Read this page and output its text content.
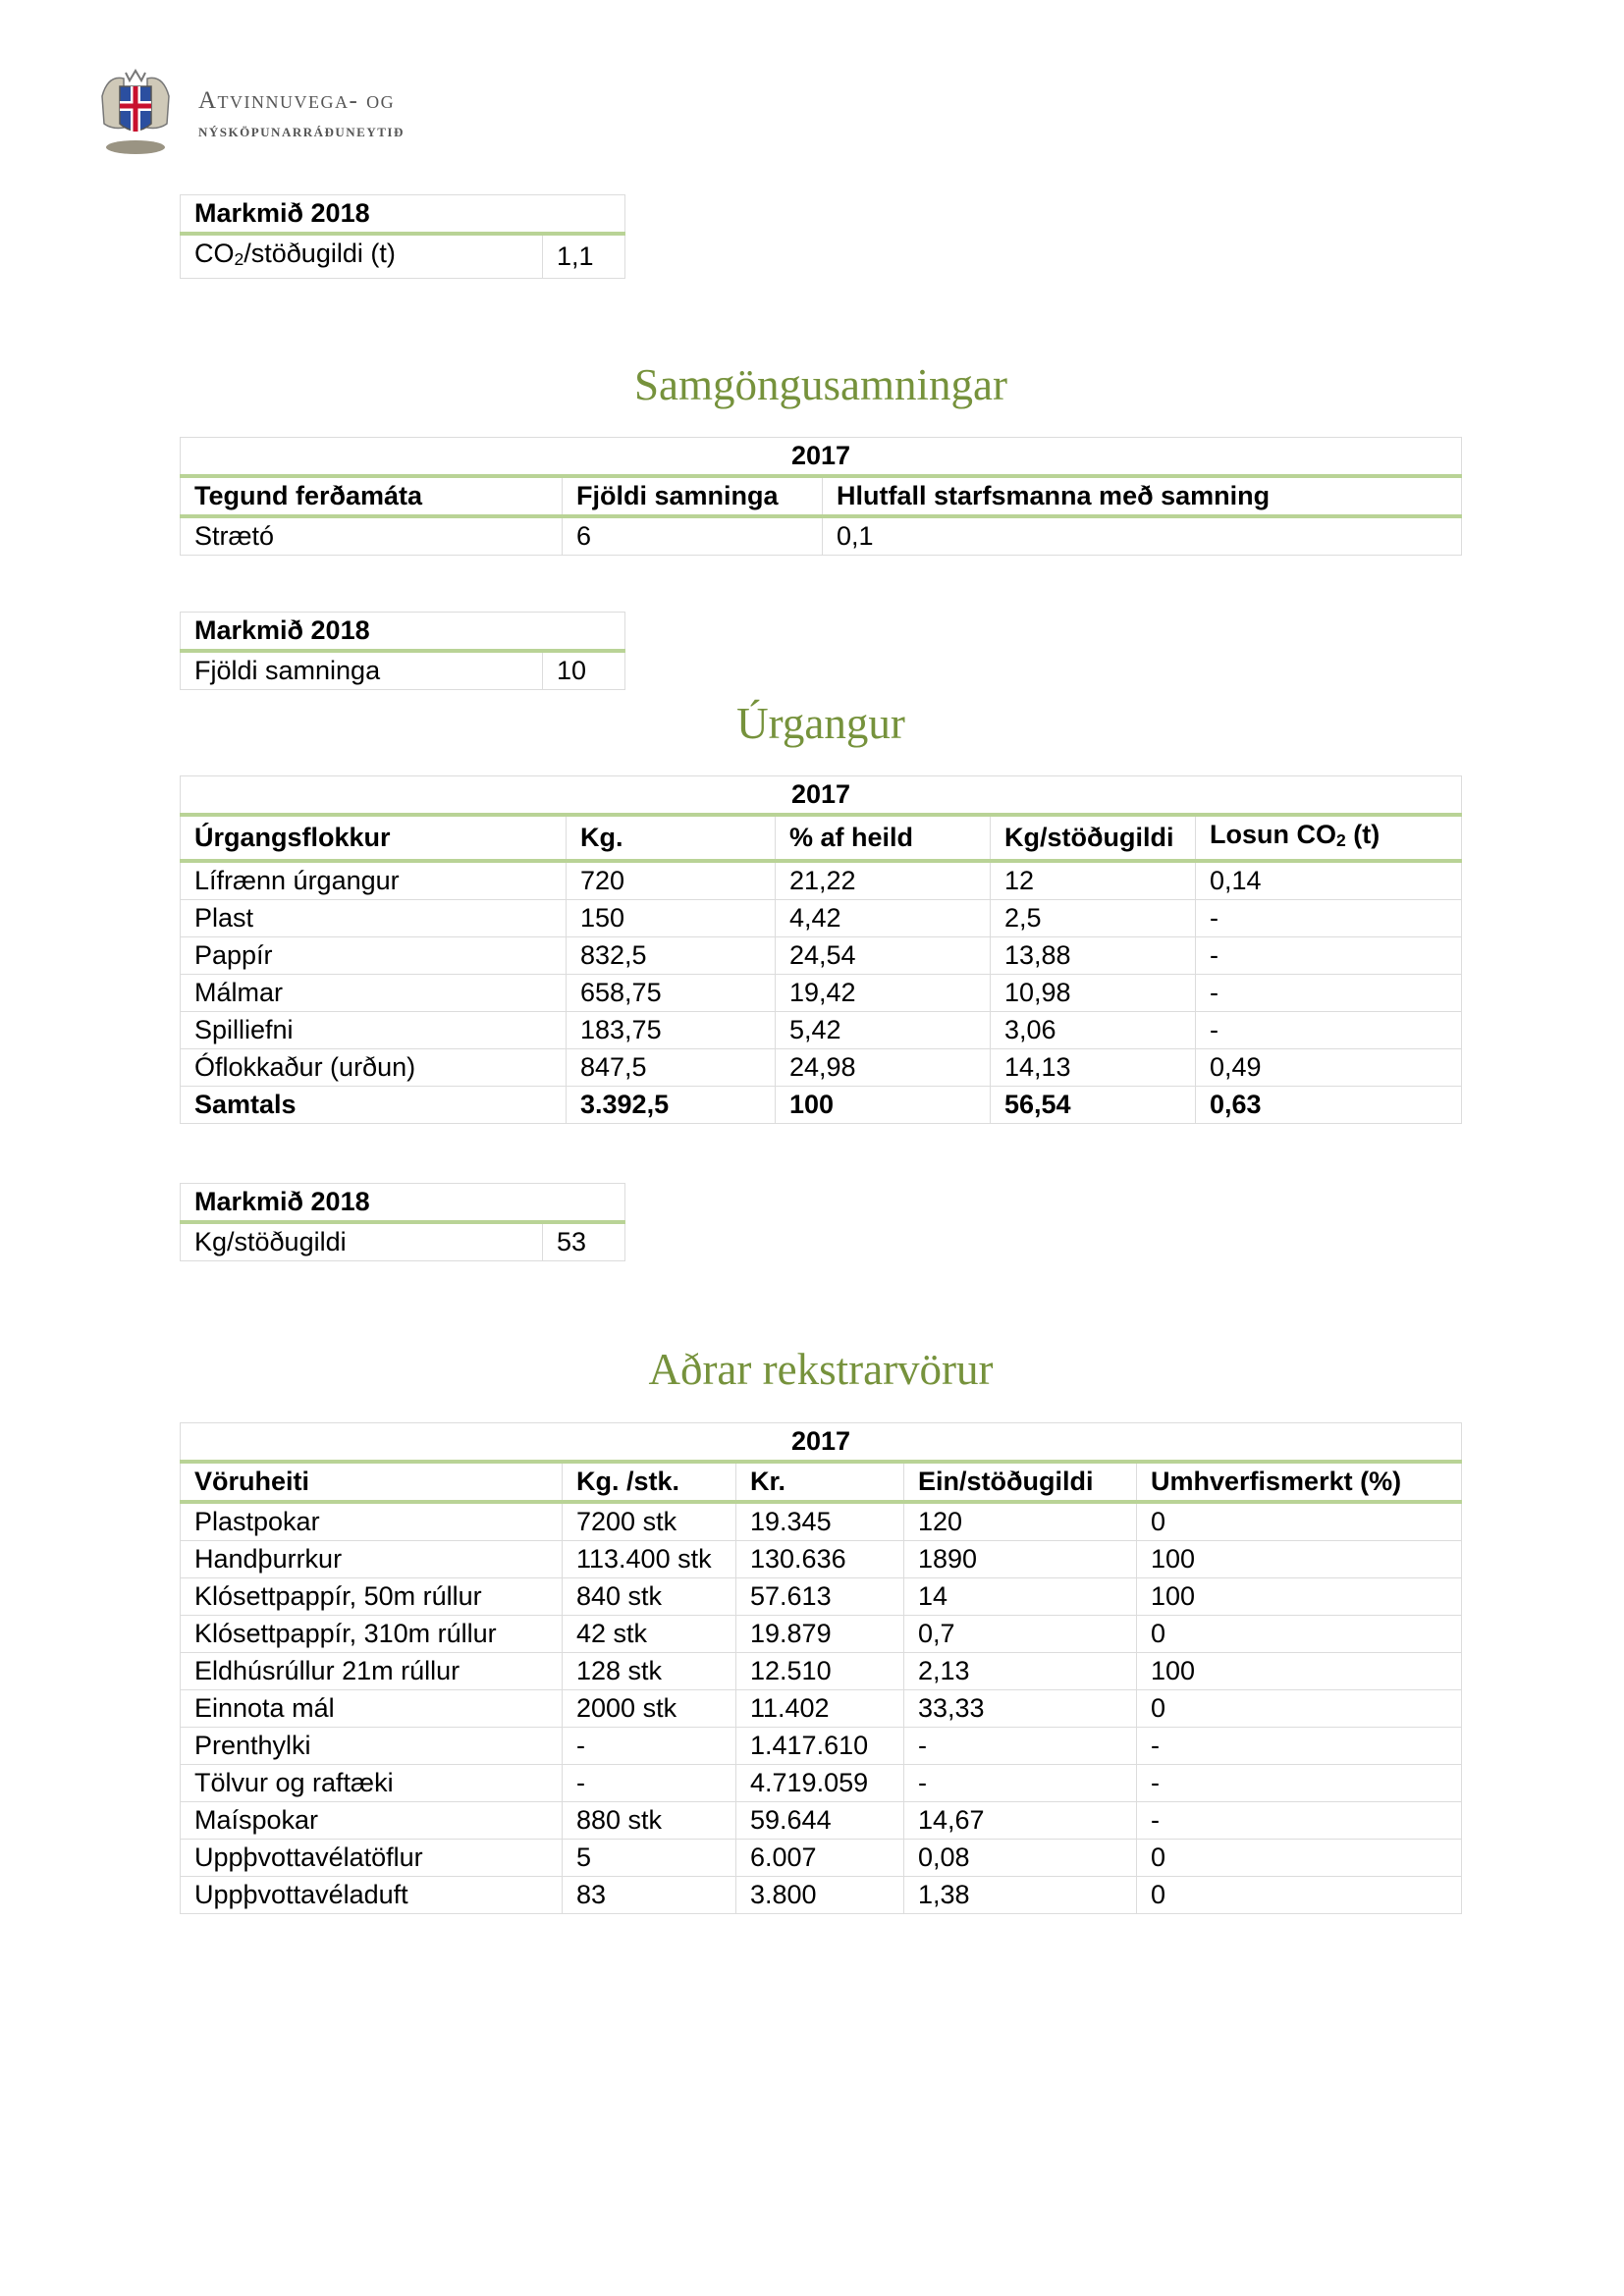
Atvinnuvega- og
nýsköpunarráðuneytið
Markmið 2018
$CO_2$/stöðugildi (t)	1,1
Samgöngusamningar
2017		
Tegund ferðamáta	Fjöldi samninga	Hlutfall starfsmanna með samning
Strætó	6	0,1
Markmið 2018
Fjöldi samninga	10
Úrgangur
2017				
Úrgangsflokkur	Kg.	% af heild	Kg/stöðugildi	Losun $CO_2$ (t)
Lífrænn úrgangur	720	21,22	12	0,14
Plast	150	4,42	2,5	-
Pappír	832,5	24,54	13,88	-
Málmar	658,75	19,42	10,98	-
Spilliefni	183,75	5,42	3,06	-
Óflokkaður (urðun)	847,5	24,98	14,13	0,49
Samtals	3.392,5	100	56,54	0,63
Markmið 2018
Kg/stöðugildi	53
Aðrar rekstrarvörur
2017				
Vöruheiti	Kg. /stk.	Kr.	Ein/stöðugildi	Umhverfismerkt (%)
Plastpokar	7200 stk	19.345	120	0
Handþurrkur	113.400 stk	130.636	1890	100
Klósettpappír, 50m rúllur	840 stk	57.613	14	100
Klósettpappír, 310m rúllur	42 stk	19.879	0,7	0
Eldhúsrúllur 21m rúllur	128 stk	12.510	2,13	100
Einnota mál	2000 stk	11.402	33,33	0
Prenthylki	-	1.417.610	-	-
Tölvur og raftæki	-	4.719.059	-	-
Maíspokar	880 stk	59.644	14,67	-
Uppþvottavélatöflur	5	6.007	0,08	0
Uppþvottavéladuft	83	3.800	1,38	0
